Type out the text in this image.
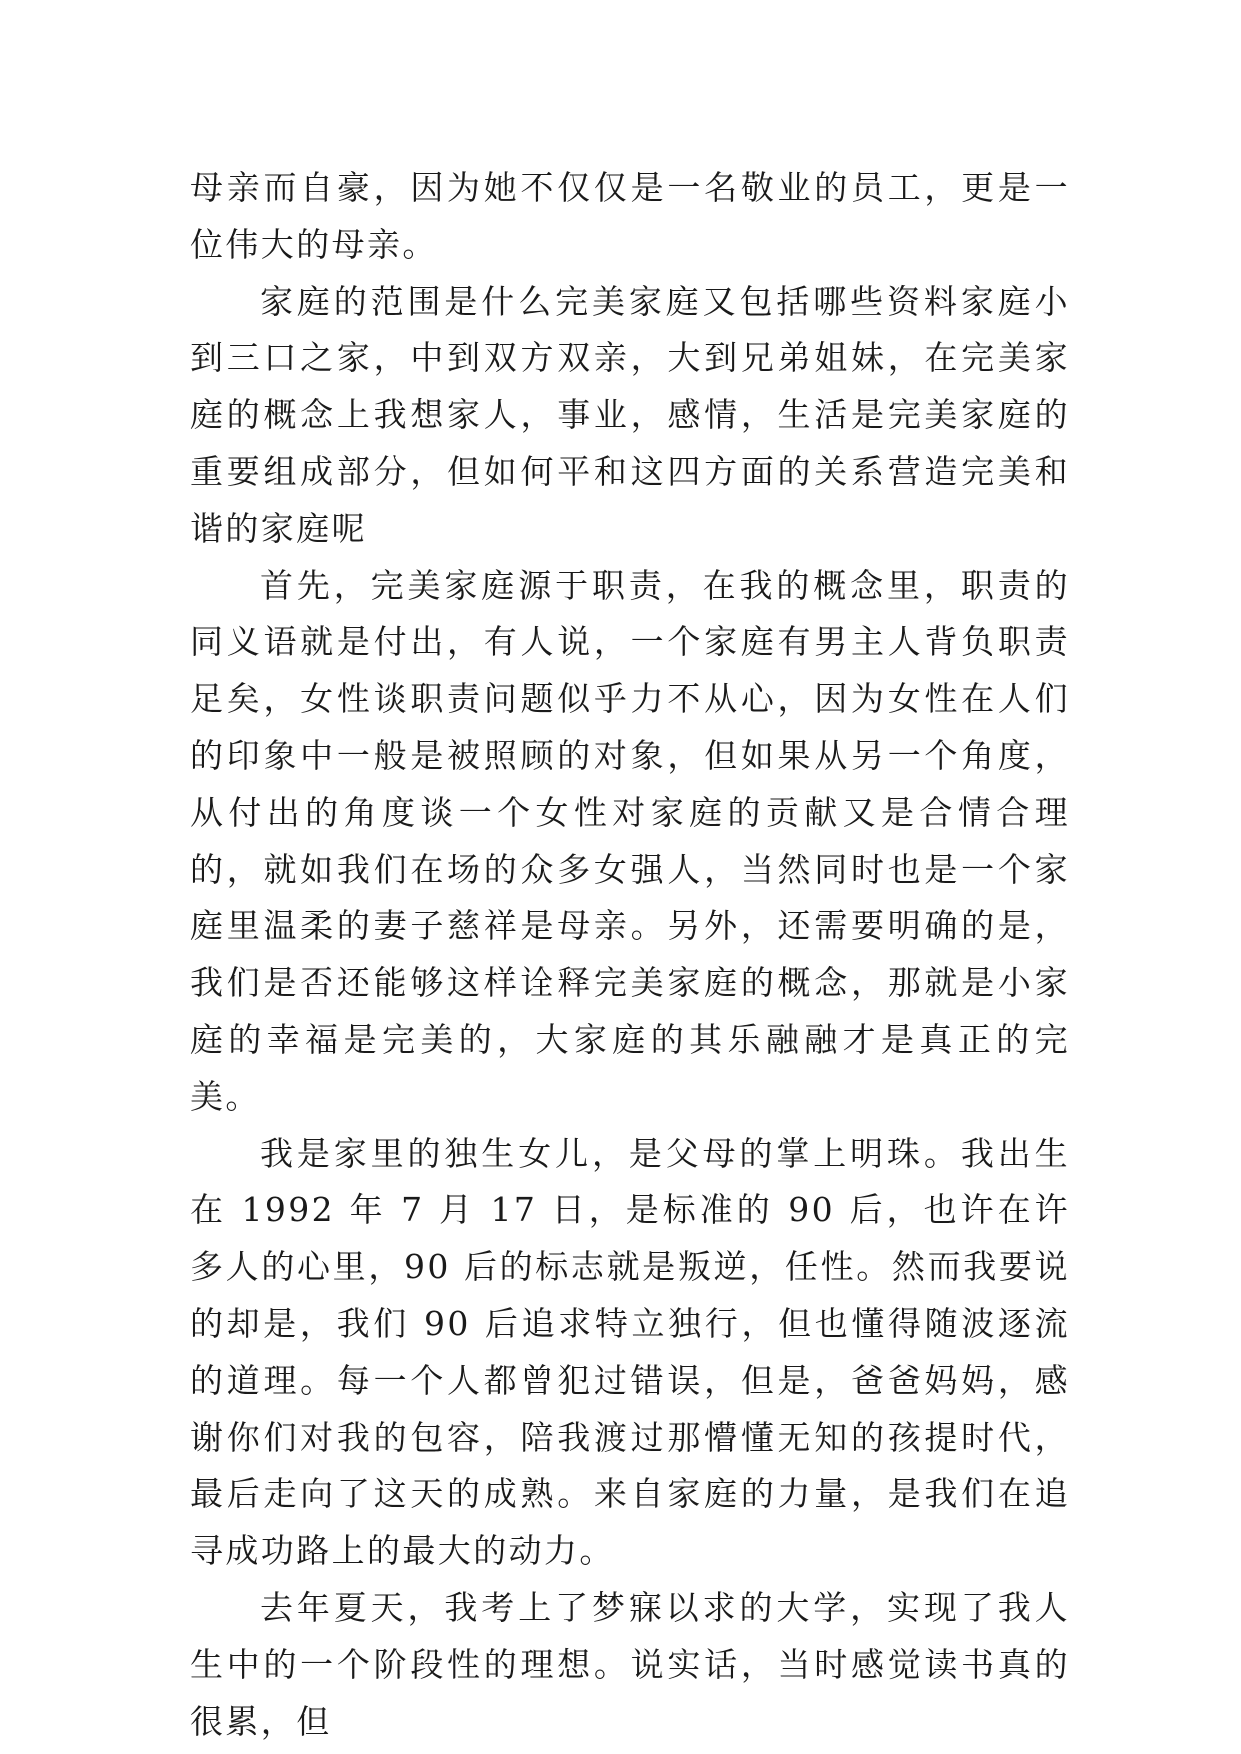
母亲而自豪，因为她不仅仅是一名敬业的员工，更是一位伟大的母亲。

家庭的范围是什么完美家庭又包括哪些资料家庭小到三口之家，中到双方双亲，大到兄弟姐妹，在完美家庭的概念上我想家人，事业，感情，生活是完美家庭的重要组成部分，但如何平和这四方面的关系营造完美和谐的家庭呢

首先，完美家庭源于职责，在我的概念里，职责的同义语就是付出，有人说，一个家庭有男主人背负职责足矣，女性谈职责问题似乎力不从心，因为女性在人们的印象中一般是被照顾的对象，但如果从另一个角度，从付出的角度谈一个女性对家庭的贡献又是合情合理的，就如我们在场的众多女强人，当然同时也是一个家庭里温柔的妻子慈祥是母亲。另外，还需要明确的是，我们是否还能够这样诠释完美家庭的概念，那就是小家庭的幸福是完美的，大家庭的其乐融融才是真正的完美。

我是家里的独生女儿，是父母的掌上明珠。我出生在 1992 年 7 月 17 日，是标准的 90 后，也许在许多人的心里，90 后的标志就是叛逆，任性。然而我要说的却是，我们 90 后追求特立独行，但也懂得随波逐流的道理。每一个人都曾犯过错误，但是，爸爸妈妈，感谢你们对我的包容，陪我渡过那懵懂无知的孩提时代，最后走向了这天的成熟。来自家庭的力量，是我们在追寻成功路上的最大的动力。

去年夏天，我考上了梦寐以求的大学，实现了我人生中的一个阶段性的理想。说实话，当时感觉读书真的很累，但
